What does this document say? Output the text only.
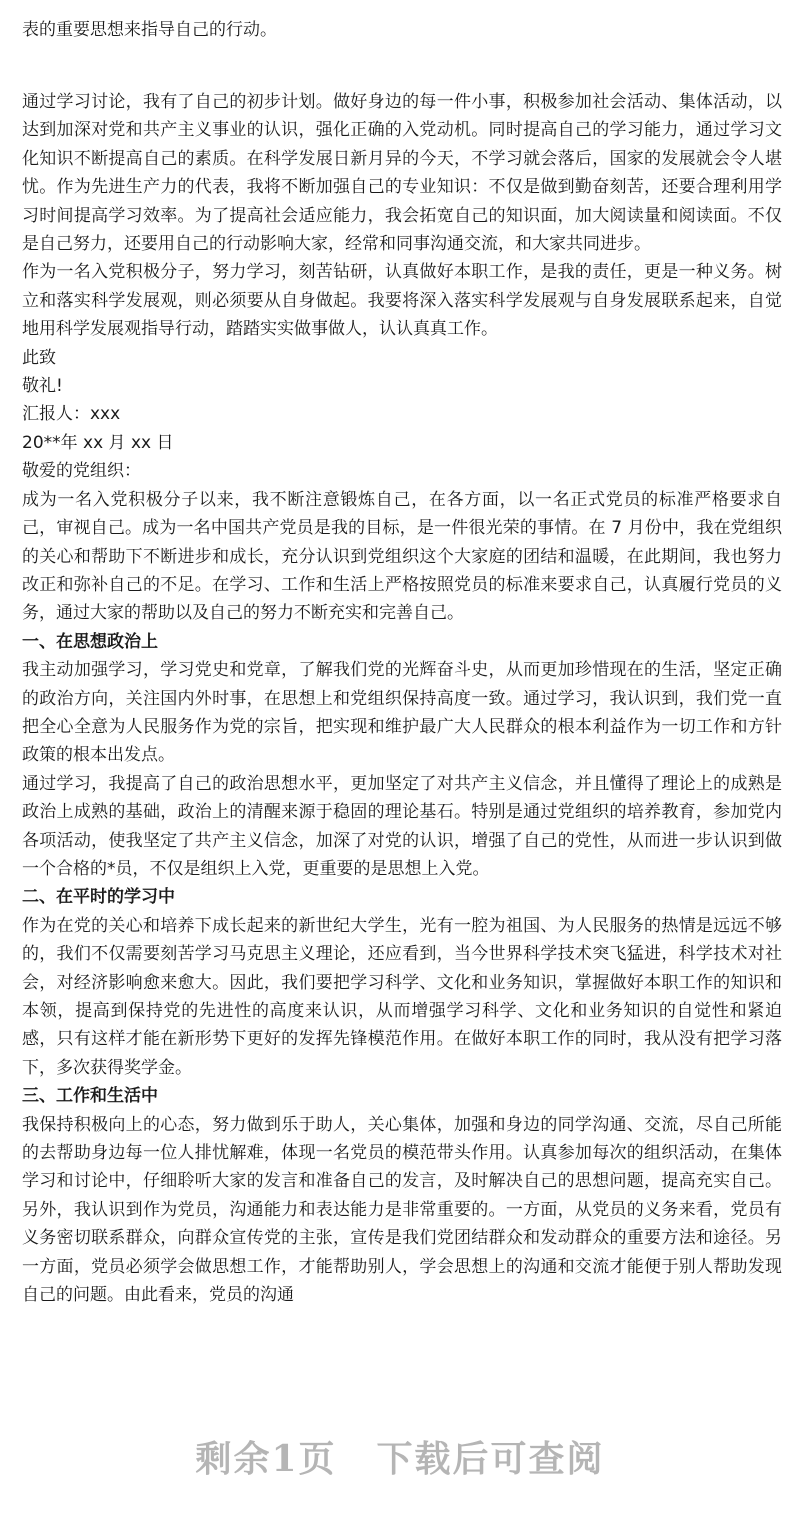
表的重要思想来指导自己的行动。

通过学习讨论，我有了自己的初步计划。做好身边的每一件小事，积极参加社会活动、集体活动，以达到加深对党和共产主义事业的认识，强化正确的入党动机。同时提高自己的学习能力，通过学习文化知识不断提高自己的素质。在科学发展日新月异的今天，不学习就会落后，国家的发展就会令人堪忧。作为先进生产力的代表，我将不断加强自己的专业知识：不仅是做到勤奋刻苦，还要合理利用学习时间提高学习效率。为了提高社会适应能力，我会拓宽自己的知识面，加大阅读量和阅读面。不仅是自己努力，还要用自己的行动影响大家，经常和同事沟通交流，和大家共同进步。

作为一名入党积极分子，努力学习，刻苦钻研，认真做好本职工作，是我的责任，更是一种义务。树立和落实科学发展观，则必须要从自身做起。我要将深入落实科学发展观与自身发展联系起来，自觉地用科学发展观指导行动，踏踏实实做事做人，认认真真工作。

此致

敬礼!

汇报人：xxx

20**年 xx 月 xx 日

敬爱的党组织：

成为一名入党积极分子以来，我不断注意锻炼自己，在各方面，以一名正式党员的标准严格要求自己，审视自己。成为一名中国共产党员是我的目标，是一件很光荣的事情。在 7 月份中，我在党组织的关心和帮助下不断进步和成长，充分认识到党组织这个大家庭的团结和温暖，在此期间，我也努力改正和弥补自己的不足。在学习、工作和生活上严格按照党员的标准来要求自己，认真履行党员的义务，通过大家的帮助以及自己的努力不断充实和完善自己。

一、在思想政治上

我主动加强学习，学习党史和党章，了解我们党的光辉奋斗史，从而更加珍惜现在的生活，坚定正确的政治方向，关注国内外时事，在思想上和党组织保持高度一致。通过学习，我认识到，我们党一直把全心全意为人民服务作为党的宗旨，把实现和维护最广大人民群众的根本利益作为一切工作和方针政策的根本出发点。

通过学习，我提高了自己的政治思想水平，更加坚定了对共产主义信念，并且懂得了理论上的成熟是政治上成熟的基础，政治上的清醒来源于稳固的理论基石。特别是通过党组织的培养教育，参加党内各项活动，使我坚定了共产主义信念，加深了对党的认识，增强了自己的党性，从而进一步认识到做一个合格的*员，不仅是组织上入党，更重要的是思想上入党。

二、在平时的学习中

作为在党的关心和培养下成长起来的新世纪大学生，光有一腔为祖国、为人民服务的热情是远远不够的，我们不仅需要刻苦学习马克思主义理论，还应看到，当今世界科学技术突飞猛进，科学技术对社会，对经济影响愈来愈大。因此，我们要把学习科学、文化和业务知识，掌握做好本职工作的知识和本领，提高到保持党的先进性的高度来认识，从而增强学习科学、文化和业务知识的自觉性和紧迫感，只有这样才能在新形势下更好的发挥先锋模范作用。在做好本职工作的同时，我从没有把学习落下，多次获得奖学金。

三、工作和生活中

我保持积极向上的心态，努力做到乐于助人，关心集体，加强和身边的同学沟通、交流，尽自己所能的去帮助身边每一位人排忧解难，体现一名党员的模范带头作用。认真参加每次的组织活动，在集体学习和讨论中，仔细聆听大家的发言和准备自己的发言，及时解决自己的思想问题，提高充实自己。另外，我认识到作为党员，沟通能力和表达能力是非常重要的。一方面，从党员的义务来看，党员有义务密切联系群众，向群众宣传党的主张，宣传是我们党团结群众和发动群众的重要方法和途径。另一方面，党员必须学会做思想工作，才能帮助别人，学会思想上的沟通和交流才能便于别人帮助发现自己的问题。由此看来，党员的沟通

剩余1页 下载后可查阅
